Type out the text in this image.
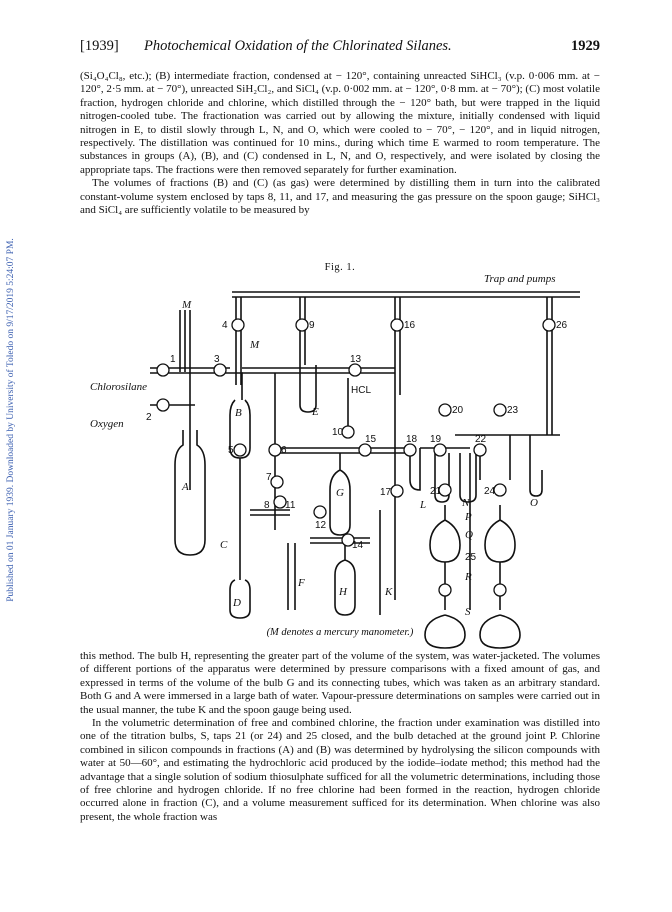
Published on 01 January 1939. Downloaded by University of Toledo on 9/17/2019 5:24:07 PM.
[1939] Photochemical Oxidation of the Chlorinated Silanes.	1929

(Si₄O₄Cl₈, etc.); (B) intermediate fraction, condensed at − 120°, containing unreacted SiHCl₃ (v.p. 0·006 mm. at − 120°, 2·5 mm. at − 70°), unreacted SiH₂Cl₂, and SiCl₄ (v.p. 0·002 mm. at − 120°, 0·8 mm. at − 70°); (C) most volatile fraction, hydrogen chloride and chlorine, which distilled through the − 120° bath, but were trapped in the liquid nitrogen-cooled tube. The fractionation was carried out by allowing the mixture, initially condensed with liquid nitrogen in E, to distil slowly through L, N, and O, which were cooled to − 70°, − 120°, and in liquid nitrogen, respectively. The distillation was continued for 10 mins., during which time E warmed to room temperature. The substances in groups (A), (B), and (C) condensed in L, N, and O, respectively, and were isolated by closing the appropriate taps. The fractions were then removed separately for further examination.

The volumes of fractions (B) and (C) (as gas) were determined by distilling them in turn into the calibrated constant-volume system enclosed by taps 8, 11, and 17, and measuring the gas pressure on the spoon gauge; SiHCl₃ and SiCl₄ are sufficiently volatile to be measured by

Fig. 1.
Trap and pumps
Chlorosilane
Oxygen
M
M
A
B
C
D
E
F
G
H	K
L	N	O
P
Q
R
S
HCL
1
2
3
4
5	6
7
8
9
10
11
12
13
14
15
16
17
18 19
20
21
22
23
24
25
26
(M denotes a mercury manometer.)

this method. The bulb H, representing the greater part of the volume of the system, was water-jacketed. The volumes of different portions of the apparatus were determined by pressure comparisons with a fixed amount of gas, and expressed in terms of the volume of the bulb G and its connecting tubes, which was taken as an arbitrary standard. Both G and A were immersed in a large bath of water. Vapour-pressure determinations on samples were carried out in the usual manner, the tube K and the spoon gauge being used.

In the volumetric determination of free and combined chlorine, the fraction under examination was distilled into one of the titration bulbs, S, taps 21 (or 24) and 25 closed, and the bulb detached at the ground joint P. Chlorine combined in silicon compounds in fractions (A) and (B) was determined by hydrolysing the silicon compounds with water at 50—60°, and estimating the hydrochloric acid produced by the iodide–iodate method; this method had the advantage that a single solution of sodium thiosulphate sufficed for all the volumetric determinations, including those of free chlorine and hydrogen chloride. If no free chlorine had been formed in the reaction, hydrogen chloride occurred alone in fraction (C), and a volume measurement sufficed for its determination. When chlorine was also present, the whole fraction was
